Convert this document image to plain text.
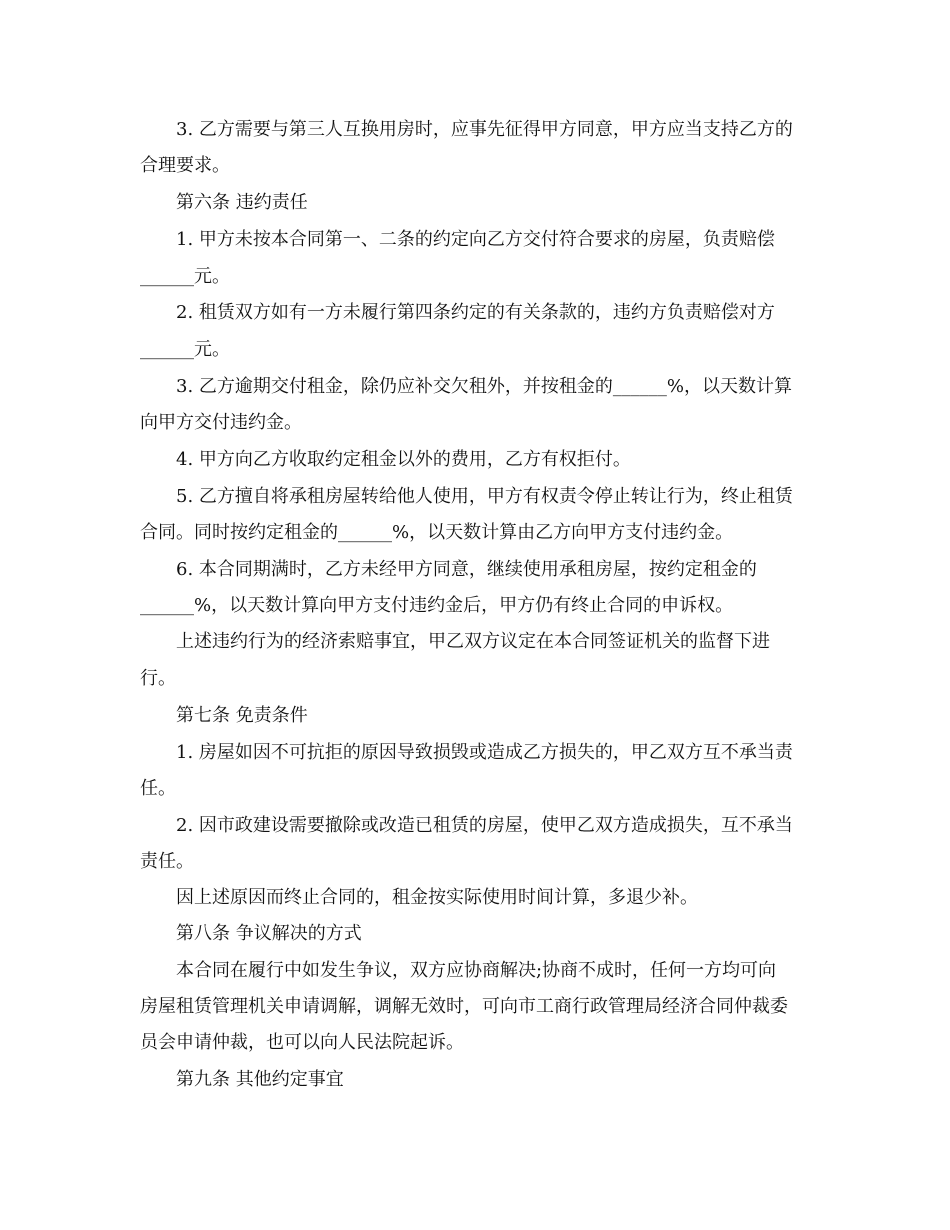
3. 乙方需要与第三人互换用房时，应事先征得甲方同意，甲方应当支持乙方的

合理要求。

第六条 违约责任

1. 甲方未按本合同第一、二条的约定向乙方交付符合要求的房屋，负责赔偿

______元。

2. 租赁双方如有一方未履行第四条约定的有关条款的，违约方负责赔偿对方

______元。

3. 乙方逾期交付租金，除仍应补交欠租外，并按租金的______%，以天数计算

向甲方交付违约金。

4. 甲方向乙方收取约定租金以外的费用，乙方有权拒付。

5. 乙方擅自将承租房屋转给他人使用，甲方有权责令停止转让行为，终止租赁

合同。同时按约定租金的______%，以天数计算由乙方向甲方支付违约金。

6. 本合同期满时，乙方未经甲方同意，继续使用承租房屋，按约定租金的

______%，以天数计算向甲方支付违约金后，甲方仍有终止合同的申诉权。

上述违约行为的经济索赔事宜，甲乙双方议定在本合同签证机关的监督下进

行。

第七条 免责条件

1. 房屋如因不可抗拒的原因导致损毁或造成乙方损失的，甲乙双方互不承当责

任。

2. 因市政建设需要撤除或改造已租赁的房屋，使甲乙双方造成损失，互不承当

责任。

因上述原因而终止合同的，租金按实际使用时间计算，多退少补。

第八条 争议解决的方式

本合同在履行中如发生争议，双方应协商解决;协商不成时，任何一方均可向

房屋租赁管理机关申请调解，调解无效时，可向市工商行政管理局经济合同仲裁委

员会申请仲裁，也可以向人民法院起诉。

第九条 其他约定事宜
